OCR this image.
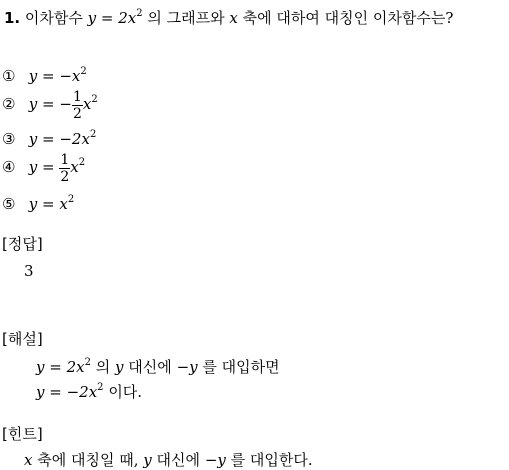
1. 이차함수 $y = 2x^2$ 의 그래프와 x 축에 대하여 대칭인 이차함수는?
① $y = -x^2$
② y = − $\frac{1}{2} x^2$
③ $y = -2x^2$
④ $y = \frac{1}{2} x^2$
⑤ $y = x^2$
[정답]
3
[해설]
$y = 2x^2$ 의 y 대신에 −y 를 대입하면
$y = -2x^2$ 이다.
[힌트]
x 축에 대칭일 때, y 대신에 −y 를 대입한다.
